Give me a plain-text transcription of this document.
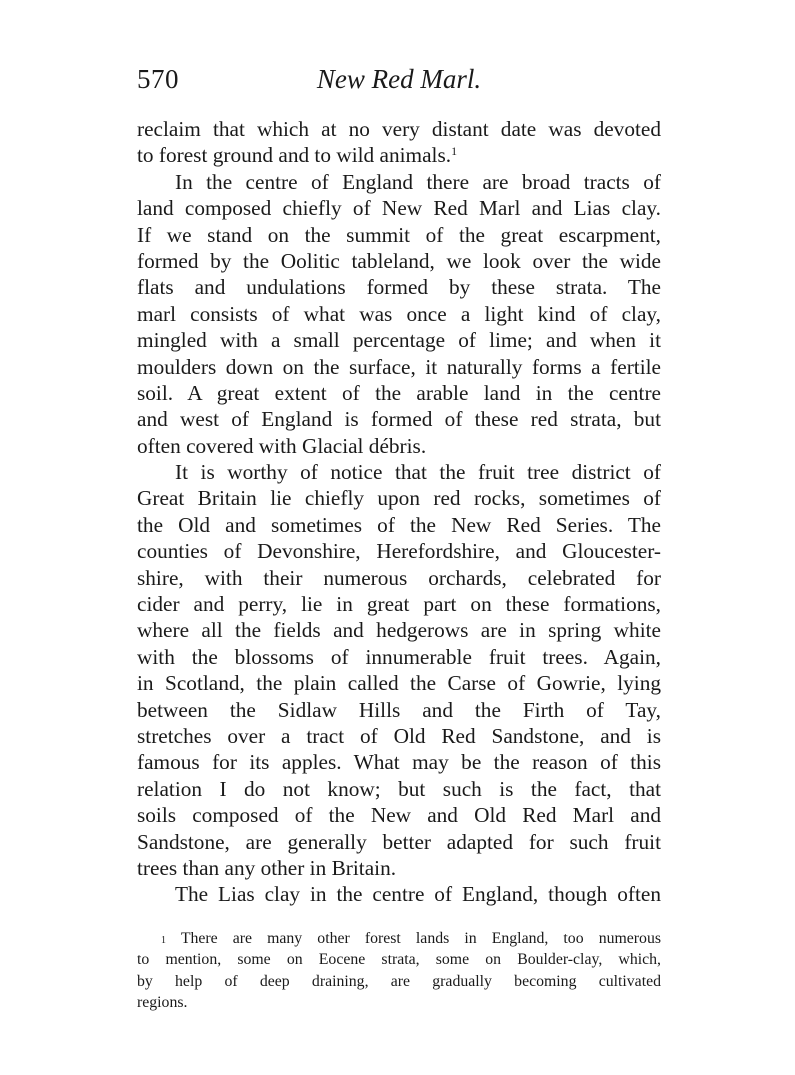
570	New Red Marl.
reclaim that which at no very distant date was devoted
to forest ground and to wild animals.$^1$
In the centre of England there are broad tracts of
land composed chiefly of New Red Marl and Lias clay.
If we stand on the summit of the great escarpment,
formed by the Oolitic tableland, we look over the wide
flats and undulations formed by these strata. The
marl consists of what was once a light kind of clay,
mingled with a small percentage of lime; and when it
moulders down on the surface, it naturally forms a fertile
soil. A great extent of the arable land in the centre
and west of England is formed of these red strata, but
often covered with Glacial débris.
It is worthy of notice that the fruit tree district of
Great Britain lie chiefly upon red rocks, sometimes of
the Old and sometimes of the New Red Series. The
counties of Devonshire, Herefordshire, and Gloucester-
shire, with their numerous orchards, celebrated for
cider and perry, lie in great part on these formations,
where all the fields and hedgerows are in spring white
with the blossoms of innumerable fruit trees. Again,
in Scotland, the plain called the Carse of Gowrie, lying
between the Sidlaw Hills and the Firth of Tay,
stretches over a tract of Old Red Sandstone, and is
famous for its apples. What may be the reason of this
relation I do not know; but such is the fact, that
soils composed of the New and Old Red Marl and
Sandstone, are generally better adapted for such fruit
trees than any other in Britain.
The Lias clay in the centre of England, though often
$^1$ There are many other forest lands in England, too numerous
to mention, some on Eocene strata, some on Boulder-clay, which,
by help of deep draining, are gradually becoming cultivated
regions.
